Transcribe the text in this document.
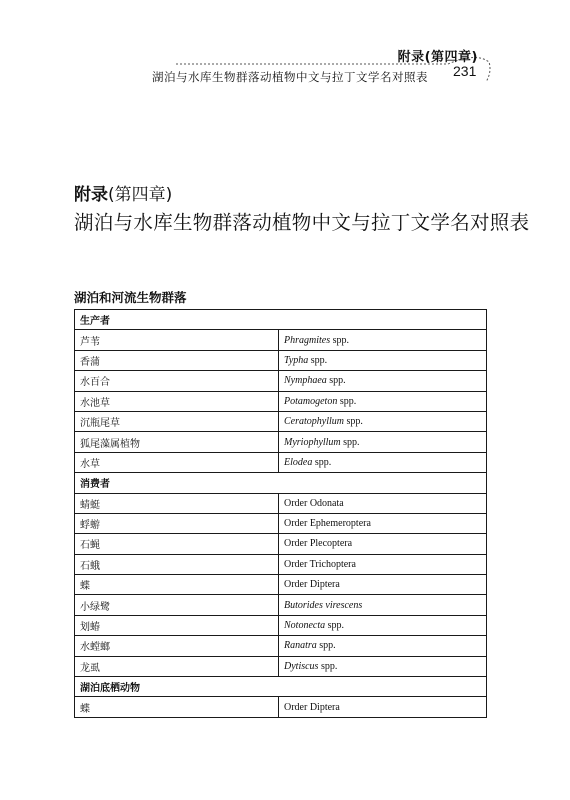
附录(第四章)
湖泊与水库生物群落动植物中文与拉丁文学名对照表 231
附录(第四章)
湖泊与水库生物群落动植物中文与拉丁文学名对照表
湖泊和河流生物群落
生产者	
芦苇	Phragmites spp.
香蒲	Typha spp.
水百合	Nymphaea spp.
水池草	Potamogeton spp.
沉瓶尾草	Ceratophyllum spp.
狐尾藻属植物	Myriophyllum spp.
水草	Elodea spp.
消费者	
蜻蜓	Order Odonata
蜉蝣	Order Ephemeroptera
石蝇	Order Plecoptera
石蛾	Order Trichoptera
蝶	Order Diptera
小绿鹭	Butorides virescens
划蝽	Notonecta spp.
水螳螂	Ranatra spp.
龙虱	Dytiscus spp.
湖泊底栖动物	
蝶	Order Diptera
